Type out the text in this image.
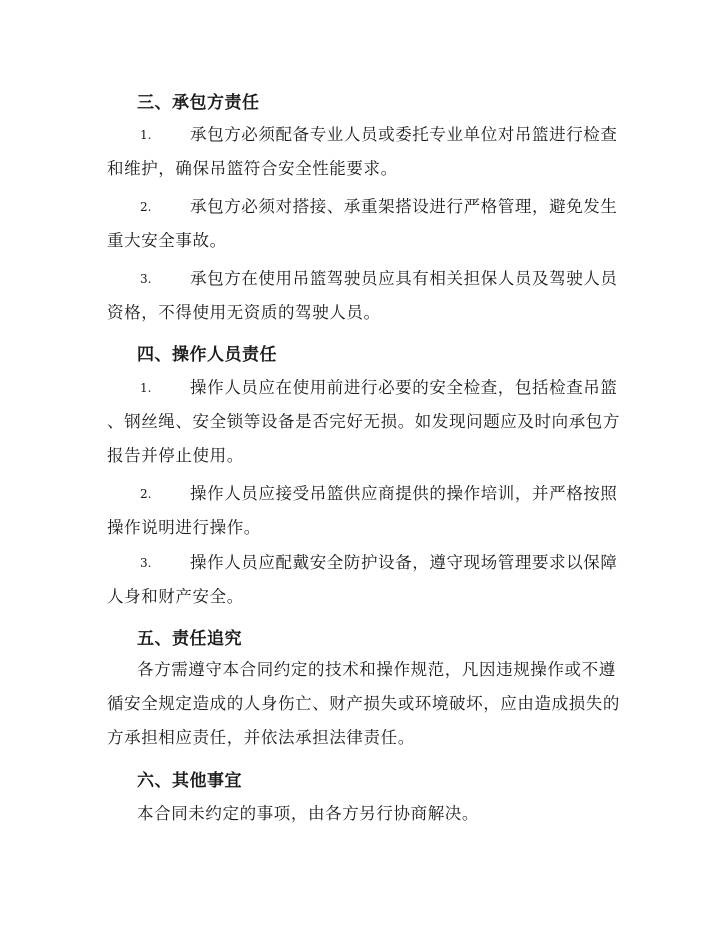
三、承包方责任
1.	承包方必须配备专业人员或委托专业单位对吊篮进行检查
和维护，确保吊篮符合安全性能要求。
2.	承包方必须对搭接、承重架搭设进行严格管理，避免发生
重大安全事故。
3.	承包方在使用吊篮驾驶员应具有相关担保人员及驾驶人员
资格，不得使用无资质的驾驶人员。
四、操作人员责任
1.	操作人员应在使用前进行必要的安全检查，包括检查吊篮
、钢丝绳、安全锁等设备是否完好无损。如发现问题应及时向承包方
报告并停止使用。
2.	操作人员应接受吊篮供应商提供的操作培训，并严格按照
操作说明进行操作。
3.	操作人员应配戴安全防护设备，遵守现场管理要求以保障
人身和财产安全。
五、责任追究
各方需遵守本合同约定的技术和操作规范，凡因违规操作或不遵
循安全规定造成的人身伤亡、财产损失或环境破坏，应由造成损失的
方承担相应责任，并依法承担法律责任。
六、其他事宜
本合同未约定的事项，由各方另行协商解决。
